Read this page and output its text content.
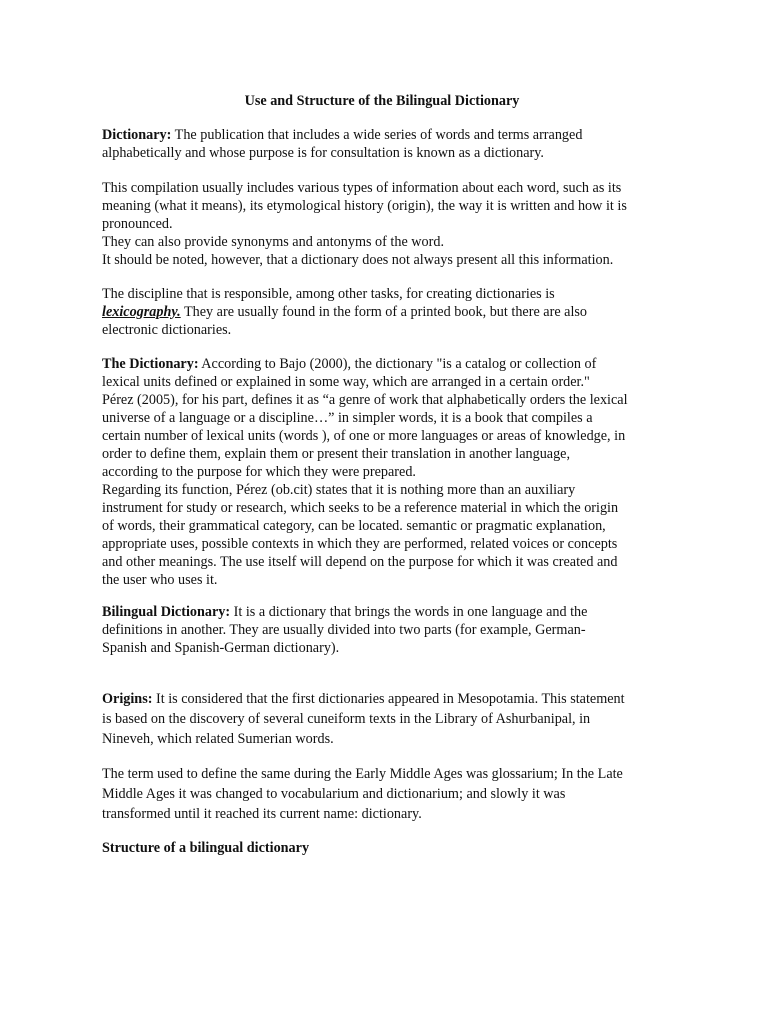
Use and Structure of the Bilingual Dictionary

Dictionary: The publication that includes a wide series of words and terms arranged
alphabetically and whose purpose is for consultation is known as a dictionary.

This compilation usually includes various types of information about each word, such as its
meaning (what it means), its etymological history (origin), the way it is written and how it is
pronounced.
They can also provide synonyms and antonyms of the word.
It should be noted, however, that a dictionary does not always present all this information.

The discipline that is responsible, among other tasks, for creating dictionaries is
lexicography. They are usually found in the form of a printed book, but there are also
electronic dictionaries.

The Dictionary: According to Bajo (2000), the dictionary "is a catalog or collection of
lexical units defined or explained in some way, which are arranged in a certain order."
Pérez (2005), for his part, defines it as “a genre of work that alphabetically orders the lexical
universe of a language or a discipline…” in simpler words, it is a book that compiles a
certain number of lexical units (words ), of one or more languages or areas of knowledge, in
order to define them, explain them or present their translation in another language,
according to the purpose for which they were prepared.
Regarding its function, Pérez (ob.cit) states that it is nothing more than an auxiliary
instrument for study or research, which seeks to be a reference material in which the origin
of words, their grammatical category, can be located. semantic or pragmatic explanation,
appropriate uses, possible contexts in which they are performed, related voices or concepts
and other meanings. The use itself will depend on the purpose for which it was created and
the user who uses it.

Bilingual Dictionary: It is a dictionary that brings the words in one language and the
definitions in another. They are usually divided into two parts (for example, German-
Spanish and Spanish-German dictionary).

Origins: It is considered that the first dictionaries appeared in Mesopotamia. This statement
is based on the discovery of several cuneiform texts in the Library of Ashurbanipal, in
Nineveh, which related Sumerian words.

The term used to define the same during the Early Middle Ages was glossarium; In the Late
Middle Ages it was changed to vocabularium and dictionarium; and slowly it was
transformed until it reached its current name: dictionary.

Structure of a bilingual dictionary
